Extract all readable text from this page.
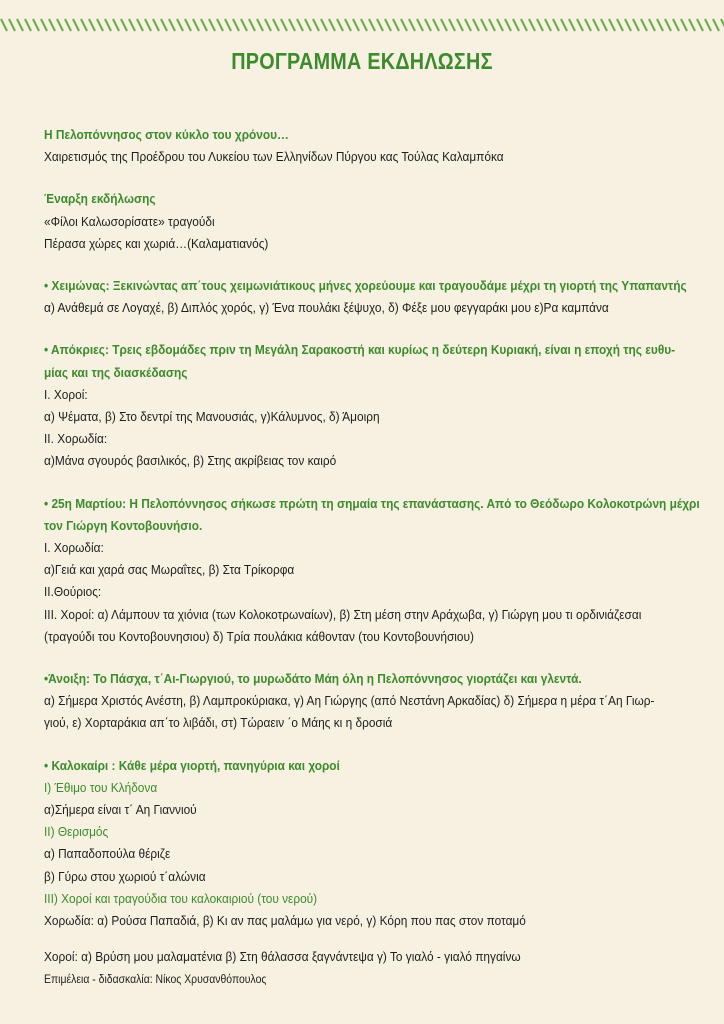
ΠΡΟΓΡΑΜΜΑ ΕΚΔΗΛΩΣΗΣ
Η Πελοπόννησος στον κύκλο του χρόνου…
Χαιρετισμός της Προέδρου του Λυκείου των Ελληνίδων Πύργου κας Τούλας Καλαμπόκα
Έναρξη εκδήλωσης
«Φίλοι Καλωσορίσατε» τραγούδι
Πέρασα χώρες και χωριά…(Καλαματιανός)
• Χειμώνας: Ξεκινώντας απ΄τους χειμωνιάτικους μήνες χορεύουμε και τραγουδάμε μέχρι τη γιορτή της Υπαπαντής
α) Ανάθεμά σε Λογαχέ, β) Διπλός χορός, γ) Ένα πουλάκι ξέψυχο, δ) Φέξε μου φεγγαράκι μου ε)Ρα καμπάνα
• Απόκριες: Τρεις εβδομάδες πριν τη Μεγάλη Σαρακοστή και κυρίως η δεύτερη Κυριακή, είναι η εποχή της ευθυ-
μίας και της διασκέδασης
Ι. Χοροί:
α) Ψέματα, β) Στο δεντρί της Μανουσιάς, γ)Κάλυμνος, δ) Άμοιρη
ΙΙ. Χορωδία:
α)Μάνα σγουρός βασιλικός, β) Στης ακρίβειας τον καιρό
• 25η Μαρτίου: Η Πελοπόννησος σήκωσε πρώτη τη σημαία της επανάστασης. Από το Θεόδωρο Κολοκοτρώνη μέχρι
τον Γιώργη Κοντοβουνήσιο.
Ι. Χορωδία:
α)Γειά και χαρά σας Μωραΐτες, β) Στα Τρίκορφα
ΙΙ.Θούριος:
ΙΙΙ. Χοροί: α) Λάμπουν τα χιόνια (των Κολοκοτρωναίων), β) Στη μέση στην Αράχωβα, γ) Γιώργη μου τι ορδινιάζεσαι
(τραγούδι του Κοντοβουνησιου) δ) Τρία πουλάκια κάθονταν (του Κοντοβουνήσιου)
•Άνοιξη: Το Πάσχα, τ΄Αι-Γιωργιού, το μυρωδάτο Μάη όλη η Πελοπόννησος γιορτάζει και γλεντά.
α) Σήμερα Χριστός Ανέστη, β) Λαμπροκύριακα, γ) Αη Γιώργης (από Νεστάνη Αρκαδίας) δ) Σήμερα η μέρα τ΄Αη Γιωρ-
γιού, ε) Χορταράκια απ΄το λιβάδι, στ) Τώραειν ΄ο Μάης κι η δροσιά
• Καλοκαίρι : Κάθε μέρα γιορτή, πανηγύρια και χοροί
Ι) Έθιμο του Κλήδονα
α)Σήμερα είναι τ΄ Αη Γιαννιού
ΙΙ) Θερισμός
α) Παπαδοπούλα θέριζε
β) Γύρω στου χωριού τ΄αλώνια
ΙΙΙ) Χοροί και τραγούδια του καλοκαιριού (του νερού)
Χορωδία: α) Ρούσα Παπαδιά, β) Κι αν πας μαλάμω για νερό, γ) Κόρη που πας στον ποταμό
Χοροί: α) Βρύση μου μαλαματένια β) Στη θάλασσα ξαγνάντεψα γ) Το γιαλό - γιαλό πηγαίνω
Επιμέλεια - διδασκαλία: Νίκος Χρυσανθόπουλος
